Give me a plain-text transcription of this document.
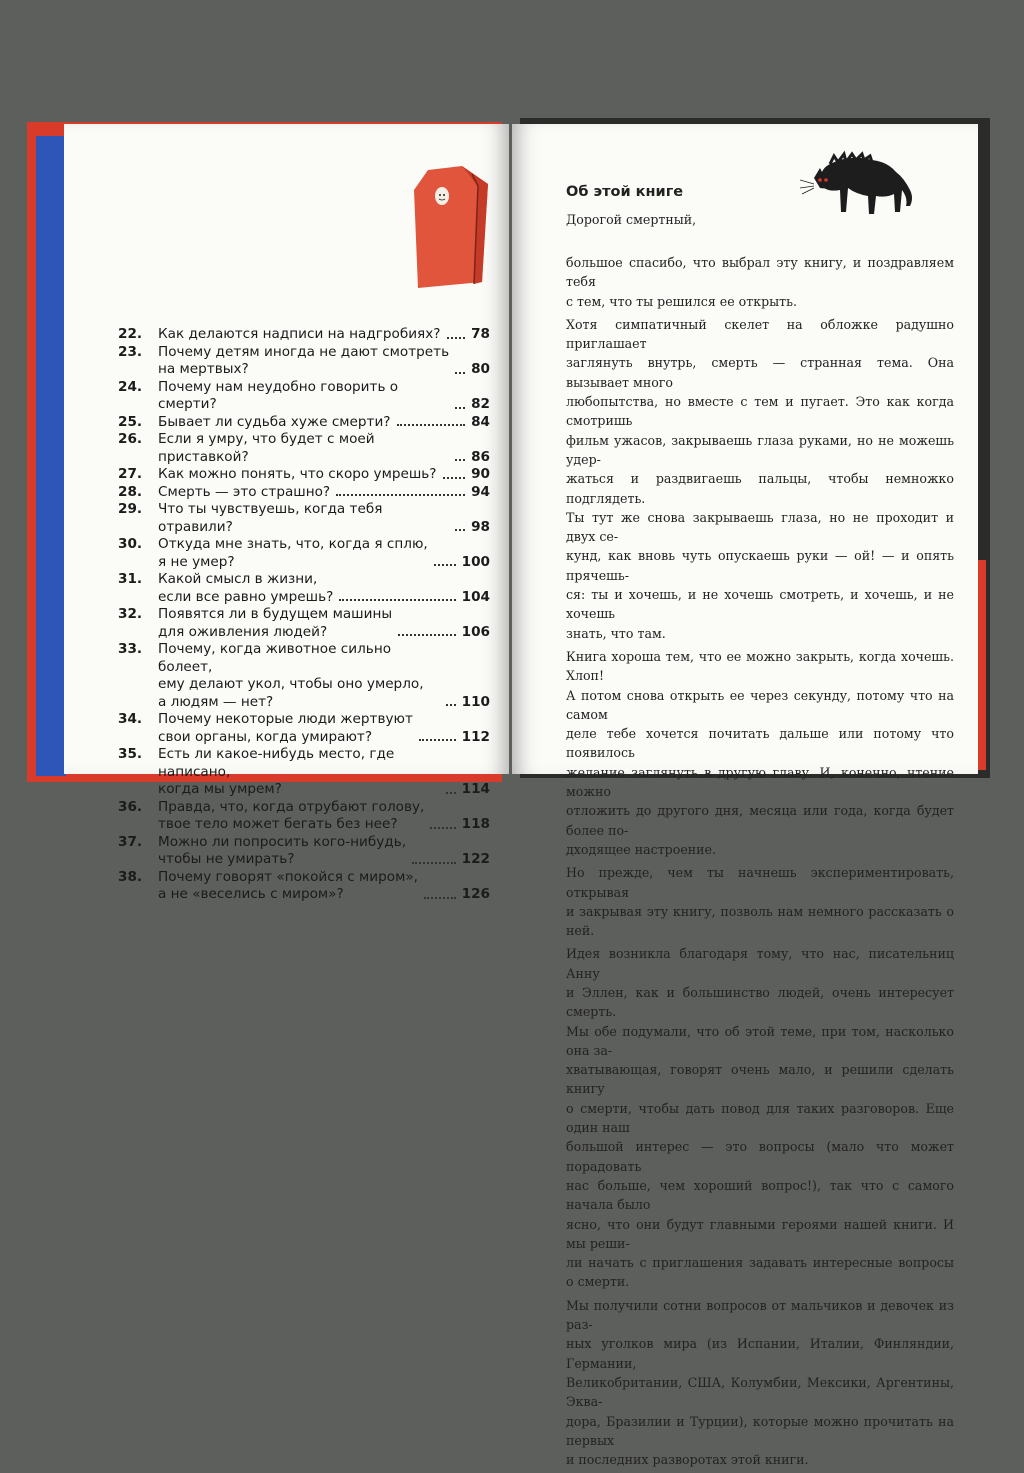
22.	Как делаются надписи на надгробиях? 78
23.	Почему детям иногда не дают смотреть
на мертвых?	80
24.	Почему нам неудобно говорить о смерти?	82
25.	Бывает ли судьба хуже смерти?	84
26.	Если я умру, что будет с моей приставкой?	86
27.	Как можно понять, что скоро умрешь?	90
28.	Смерть — это страшно?	94
29.	Что ты чувствуешь, когда тебя отравили?	98
30.	Откуда мне знать, что, когда я сплю,
я не умер?	100
31.	Какой смысл в жизни,
если все равно умрешь?	104
32.	Появятся ли в будущем машины
для оживления людей?	106
33.	Почему, когда животное сильно болеет,
ему делают укол, чтобы оно умерло,
а людям — нет?	110
34.	Почему некоторые люди жертвуют
свои органы, когда умирают?	112
35.	Есть ли какое-нибудь место, где написано,
когда мы умрем?	114
36.	Правда, что, когда отрубают голову,
твое тело может бегать без нее?	118
37.	Можно ли попросить кого-нибудь,
чтобы не умирать?	122
38.	Почему говорят «покойся с миром»,
а не «веселись с миром»?	126
Об этой книге
Дорогой смертный,
большое спасибо, что выбрал эту книгу, и поздравляем тебя
с тем, что ты решился ее открыть.
Хотя симпатичный скелет на обложке радушно приглашает
заглянуть внутрь, смерть — странная тема. Она вызывает много
любопытства, но вместе с тем и пугает. Это как когда смотришь
фильм ужасов, закрываешь глаза руками, но не можешь удер-
жаться и раздвигаешь пальцы, чтобы немножко подглядеть.
Ты тут же снова закрываешь глаза, но не проходит и двух се-
кунд, как вновь чуть опускаешь руки — ой! — и опять прячешь-
ся: ты и хочешь, и не хочешь смотреть, и хочешь, и не хочешь
знать, что там.
Книга хороша тем, что ее можно закрыть, когда хочешь. Хлоп!
А потом снова открыть ее через секунду, потому что на самом
деле тебе хочется почитать дальше или потому что появилось
желание заглянуть в другую главу. И, конечно, чтение можно
отложить до другого дня, месяца или года, когда будет более по-
дходящее настроение.
Но прежде, чем ты начнешь экспериментировать, открывая
и закрывая эту книгу, позволь нам немного рассказать о ней.
Идея возникла благодаря тому, что нас, писательниц Анну
и Эллен, как и большинство людей, очень интересует смерть.
Мы обе подумали, что об этой теме, при том, насколько она за-
хватывающая, говорят очень мало, и решили сделать книгу
о смерти, чтобы дать повод для таких разговоров. Еще один наш
большой интерес — это вопросы (мало что может порадовать
нас больше, чем хороший вопрос!), так что с самого начала было
ясно, что они будут главными героями нашей книги. И мы реши-
ли начать с приглашения задавать интересные вопросы о смерти.
Мы получили сотни вопросов от мальчиков и девочек из раз-
ных уголков мира (из Испании, Италии, Финляндии, Германии,
Великобритании, США, Колумбии, Мексики, Аргентины, Эква-
дора, Бразилии и Турции), которые можно прочитать на первых
и последних разворотах этой книги.
